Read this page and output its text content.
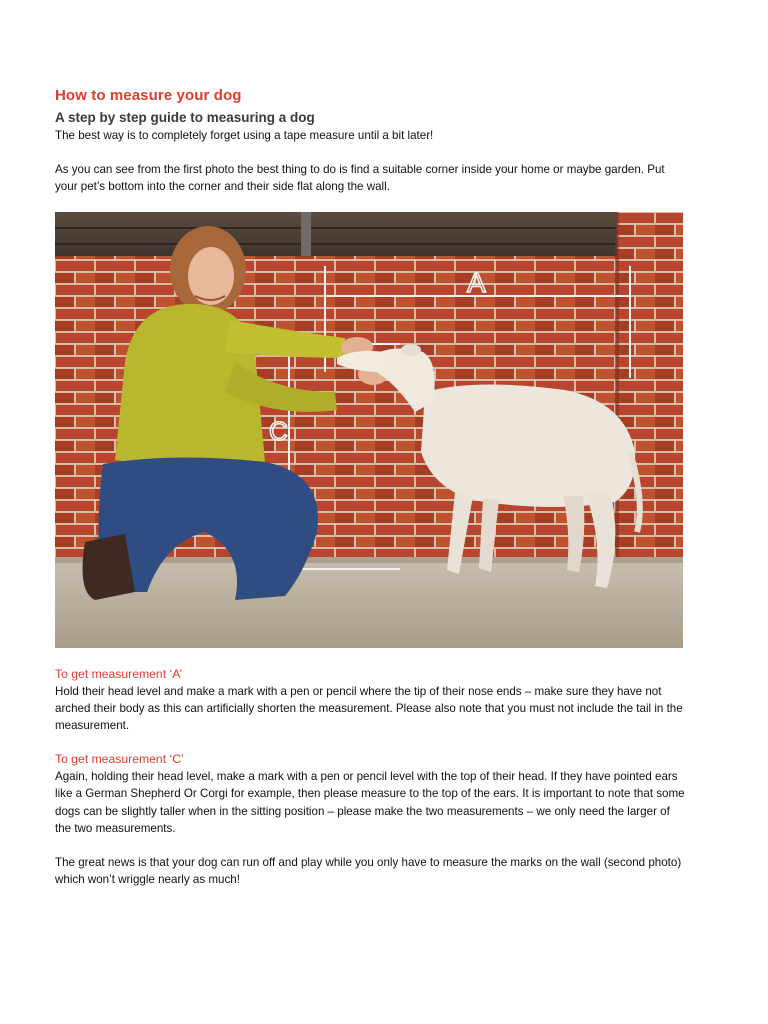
How to measure your dog
A step by step guide to measuring a dog

The best way is to completely forget using a tape measure until a bit later!

As you can see from the first photo the best thing to do is find a suitable corner inside your home or maybe garden. Put your pet’s bottom into the corner and their side flat along the wall.

A
C
To get measurement ‘A’

Hold their head level and make a mark with a pen or pencil where the tip of their nose ends – make sure they have not arched their body as this can artificially shorten the measurement. Please also note that you must not include the tail in the measurement.

To get measurement ‘C’

Again, holding their head level, make a mark with a pen or pencil level with the top of their head. If they have pointed ears like a German Shepherd Or Corgi for example, then please measure to the top of the ears. It is important to note that some dogs can be slightly taller when in the sitting position – please make the two measurements – we only need the larger of the two measurements.

The great news is that your dog can run off and play while you only have to measure the marks on the wall (second photo) which won’t wriggle nearly as much!
